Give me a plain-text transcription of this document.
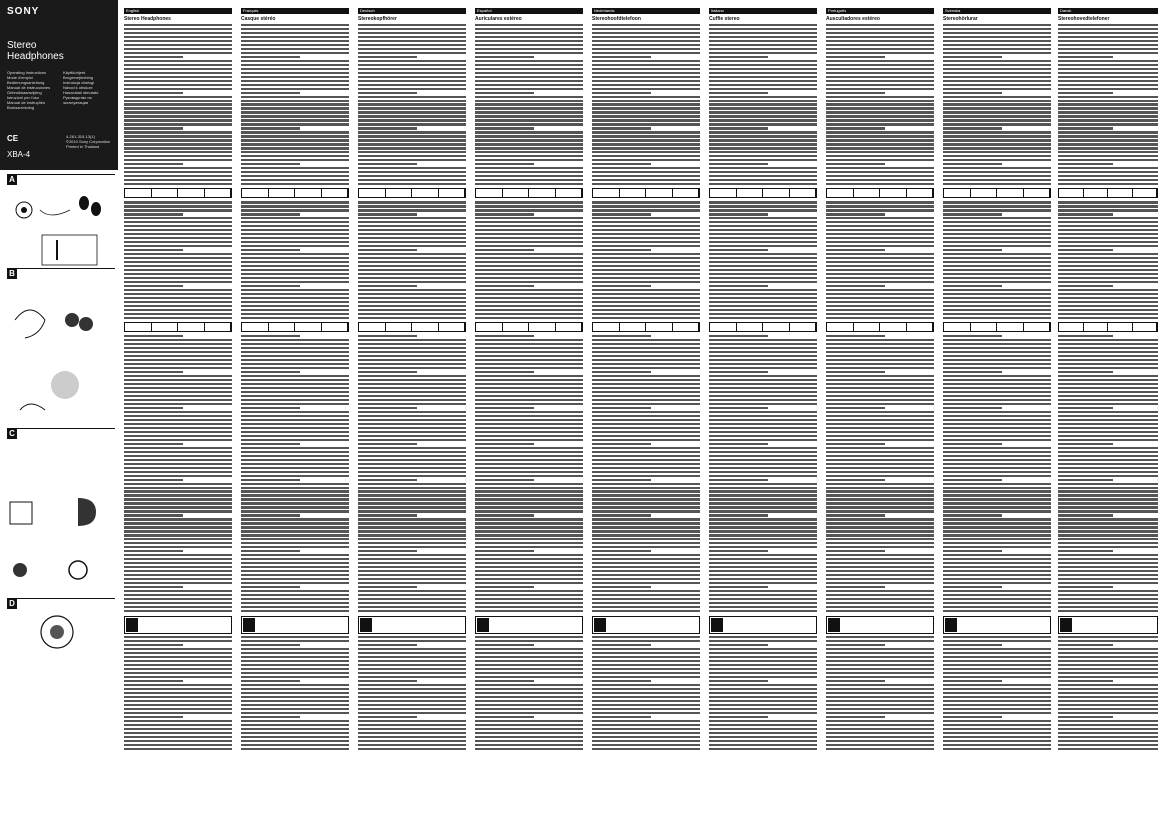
SONY
Stereo
Headphones
Operating Instructions
Mode d'emploi
Bedienungsanleitung
Manual de instrucciones
Gebruiksaanwijzing
Istruzioni per l'uso
Manual de instruções
Bruksanvisning
Käyttöohjeet
Brugervejledning
Instrukcja obsługi
Návod k obsluze
Használati útmutató
Руководство по эксплуатации
CE	4-261-315-13(1)
©2010 Sony Corporation Printed in Thailand
XBA-4
A
B
C
D
English
Stereo Headphones
Français
Casque stéréo
Deutsch
Stereokopfhörer
Español
Auriculares estéreo
Nederlands
Stereohoofdtelefoon
Italiano
Cuffie stereo
Português
Auscultadores estéreo
Svenska
Stereohörlurar
Dansk
Stereohovedtelefoner
